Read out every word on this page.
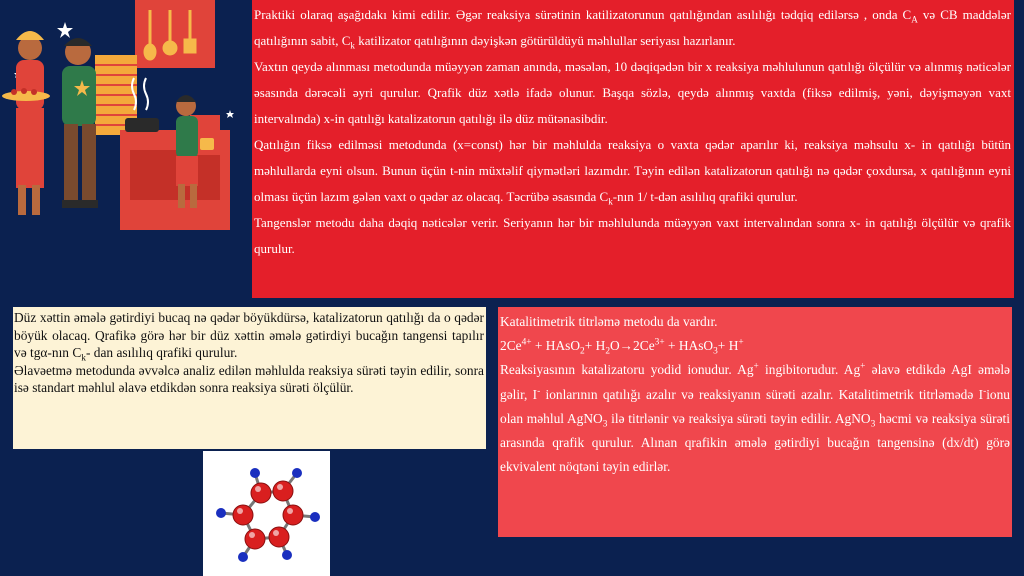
Praktiki olaraq aşağıdakı kimi edilir. Əgər reaksiya sürətinin katilizatorunun qatılığından asılılığı tədqiq edilərsə , onda $C_A$ və CB maddələr qatılığının sabit, $C_k$ katilizator qatılığının dəyişkən götürüldüyü məhlullar seriyası hazırlanır.

Vaxtın qeydə alınması metodunda müəyyən zaman anında, məsələn, 10 dəqiqədən bir x reaksiya məhlulunun qatılığı ölçülür və alınmış nəticələr əsasında dərəcəli əyri qurulur. Qrafik düz xətlə ifadə olunur. Başqa sözlə, qeydə alınmış vaxtda (fiksə edilmiş, yəni, dəyişməyən vaxt intervalında) x-in qatılığı katalizatorun qatılığı ilə düz mütənasibdir.

Qatılığın fiksə edilməsi metodunda (x=const) hər bir məhlulda reaksiya o vaxta qədər aparılır ki, reaksiya məhsulu x- in qatılığı bütün məhlullarda eyni olsun. Bunun üçün t-nin müxtəlif qiymətləri lazımdır. Təyin edilən katalizatorun qatılığı nə qədər çoxdursa, x qatılığının eyni olması üçün lazım gələn vaxt o qədər az olacaq. Təcrübə əsasında $C_k$-nın 1/ t-dən asılılıq qrafiki qurulur.

Tangenslər metodu daha dəqiq nəticələr verir. Seriyanın hər bir məhlulunda müəyyən vaxt intervalından sonra x- in qatılığı ölçülür və qrafik qurulur.

Düz xəttin əmələ gətirdiyi bucaq nə qədər böyükdürsə, katalizatorun qatılığı da o qədər böyük olacaq. Qrafikə görə hər bir düz xəttin əmələ gətirdiyi bucağın tangensi tapılır və tgα-nın $C_k-$ dan asılılıq qrafiki qurulur.

Əlavəetmə metodunda əvvəlcə analiz edilən məhlulda reaksiya sürəti təyin edilir, sonra isə standart məhlul əlavə etdikdən sonra reaksiya sürəti ölçülür.

Katalitimetrik titrləmə metodu da vardır.

$2Ce^{4+}$ + HAsO$_2$+ $H_2O\to 2Ce^{3+}$ + HAsO$_3$+ H+

Reaksiyasının katalizatoru yodid ionudur. Ag+ ingibitorudur. Ag+ əlavə etdikdə AgI əmələ gəlir, I- ionlarının qatılığı azalır və reaksiyanın sürəti azalır. Katalitimetrik titrləmədə I-ionu olan məhlul AgNO$_3$ ilə titrlənir və reaksiya sürəti təyin edilir. AgNO$_3$ həcmi və reaksiya sürəti arasında qrafik qurulur. Alınan qrafikin əmələ gətirdiyi bucağın tangensinə (dx/dt) görə ekvivalent nöqtəni təyin edirlər.
